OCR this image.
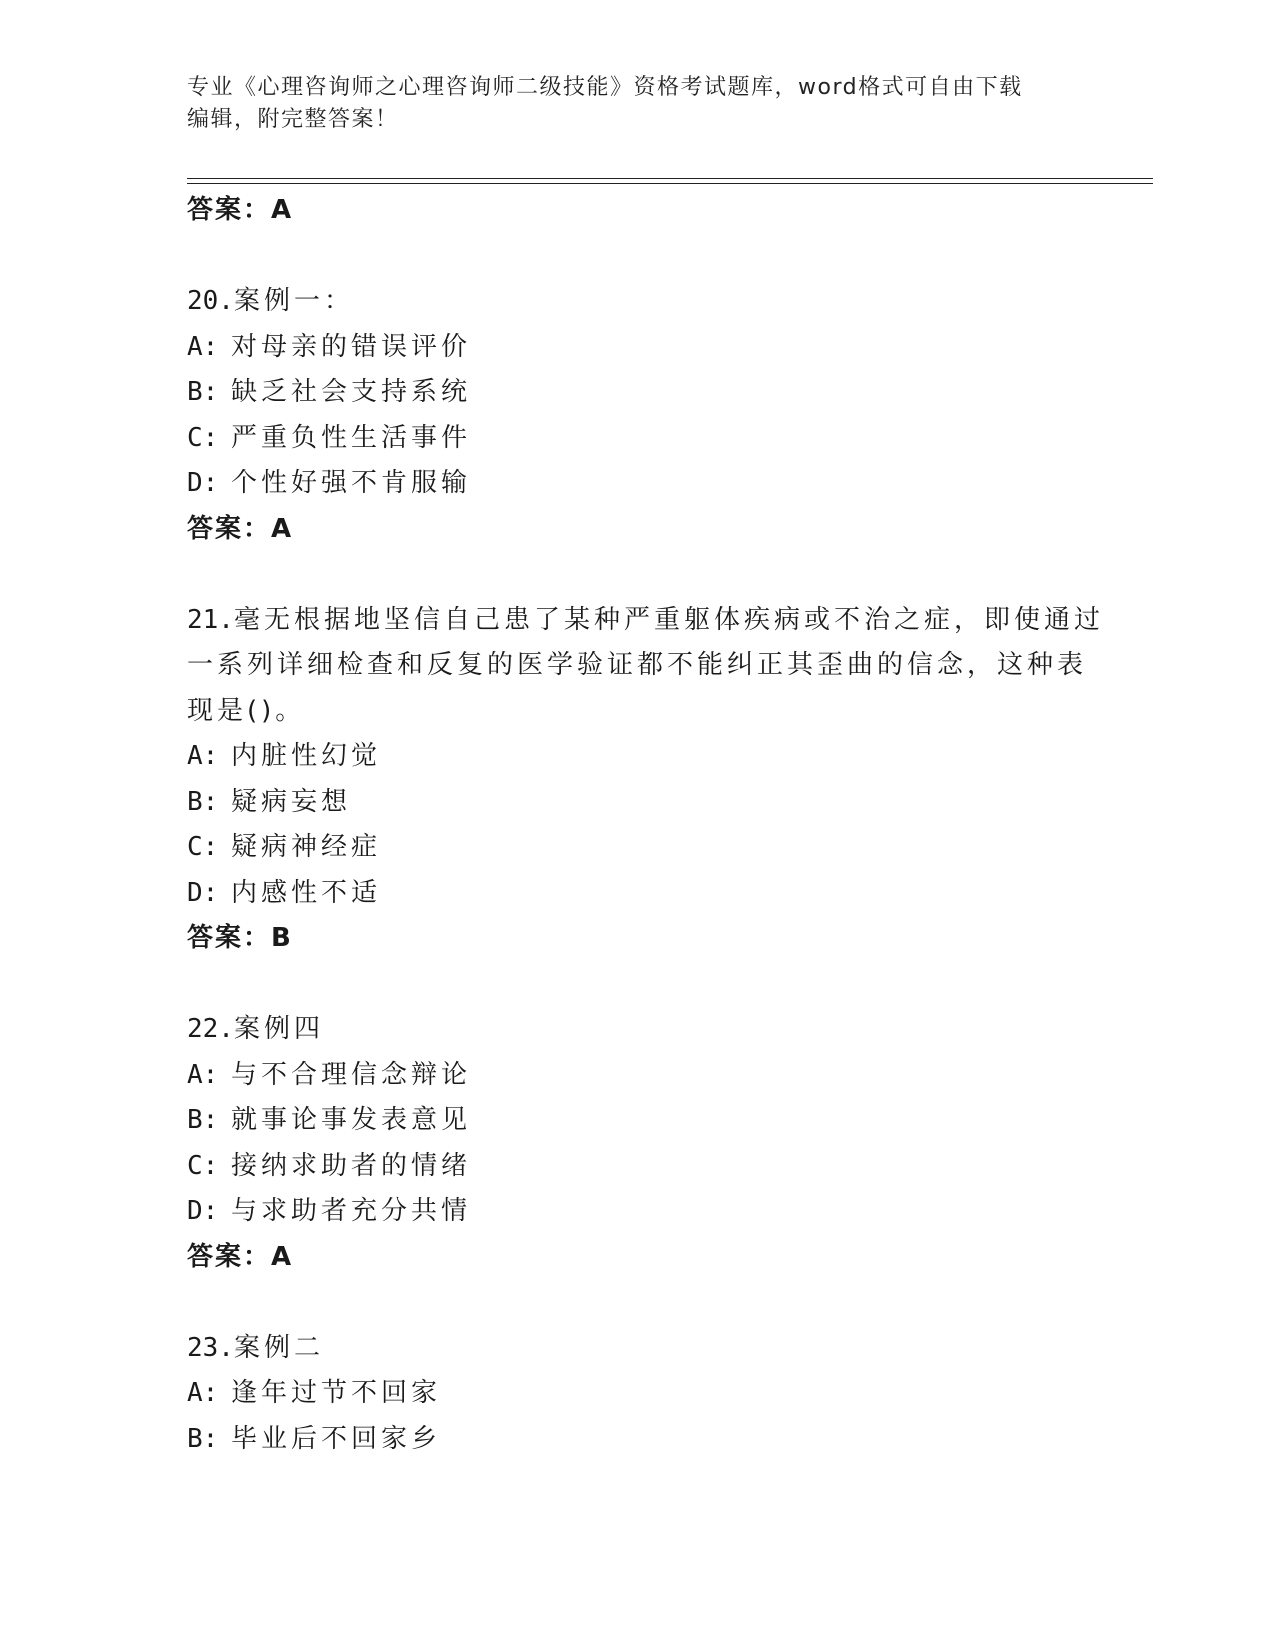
专业《心理咨询师之心理咨询师二级技能》资格考试题库，word格式可自由下载
编辑，附完整答案！
答案：A
20.案例一：
A: 对母亲的错误评价
B: 缺乏社会支持系统
C: 严重负性生活事件
D: 个性好强不肯服输
答案：A
21.毫无根据地坚信自己患了某种严重躯体疾病或不治之症，即使通过
一系列详细检查和反复的医学验证都不能纠正其歪曲的信念，这种表
现是()。
A: 内脏性幻觉
B: 疑病妄想
C: 疑病神经症
D: 内感性不适
答案：B
22.案例四
A: 与不合理信念辩论
B: 就事论事发表意见
C: 接纳求助者的情绪
D: 与求助者充分共情
答案：A
23.案例二
A: 逢年过节不回家
B: 毕业后不回家乡
